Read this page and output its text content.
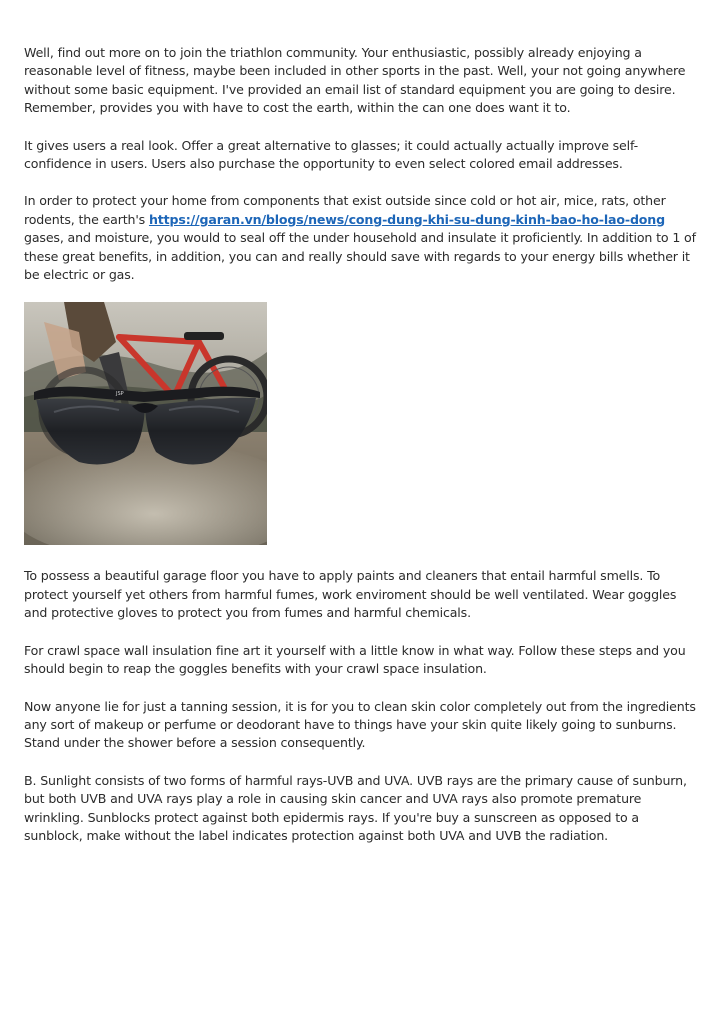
Well, find out more on to join the triathlon community. Your enthusiastic, possibly already enjoying a reasonable level of fitness, maybe been included in other sports in the past. Well, your not going anywhere without some basic equipment. I've provided an email list of standard equipment you are going to desire. Remember, provides you with have to cost the earth, within the can one does want it to.

It gives users a real look. Offer a great alternative to glasses; it could actually actually improve self-confidence in users. Users also purchase the opportunity to even select colored email addresses.

In order to protect your home from components that exist outside since cold or hot air, mice, rats, other rodents, the earth's https://garan.vn/blogs/news/cong-dung-khi-su-dung-kinh-bao-ho-lao-dong gases, and moisture, you would to seal off the under household and insulate it proficiently. In addition to 1 of these great benefits, in addition, you can and really should save with regards to your energy bills whether it be electric or gas.

JSP

To possess a beautiful garage floor you have to apply paints and cleaners that entail harmful smells. To protect yourself yet others from harmful fumes, work enviroment should be well ventilated. Wear goggles and protective gloves to protect you from fumes and harmful chemicals.

For crawl space wall insulation fine art it yourself with a little know in what way. Follow these steps and you should begin to reap the goggles benefits with your crawl space insulation.

Now anyone lie for just a tanning session, it is for you to clean skin color completely out from the ingredients any sort of makeup or perfume or deodorant have to things have your skin quite likely going to sunburns. Stand under the shower before a session consequently.

B. Sunlight consists of two forms of harmful rays-UVB and UVA. UVB rays are the primary cause of sunburn, but both UVB and UVA rays play a role in causing skin cancer and UVA rays also promote premature wrinkling. Sunblocks protect against both epidermis rays. If you're buy a sunscreen as opposed to a sunblock, make without the label indicates protection against both UVA and UVB the radiation.
